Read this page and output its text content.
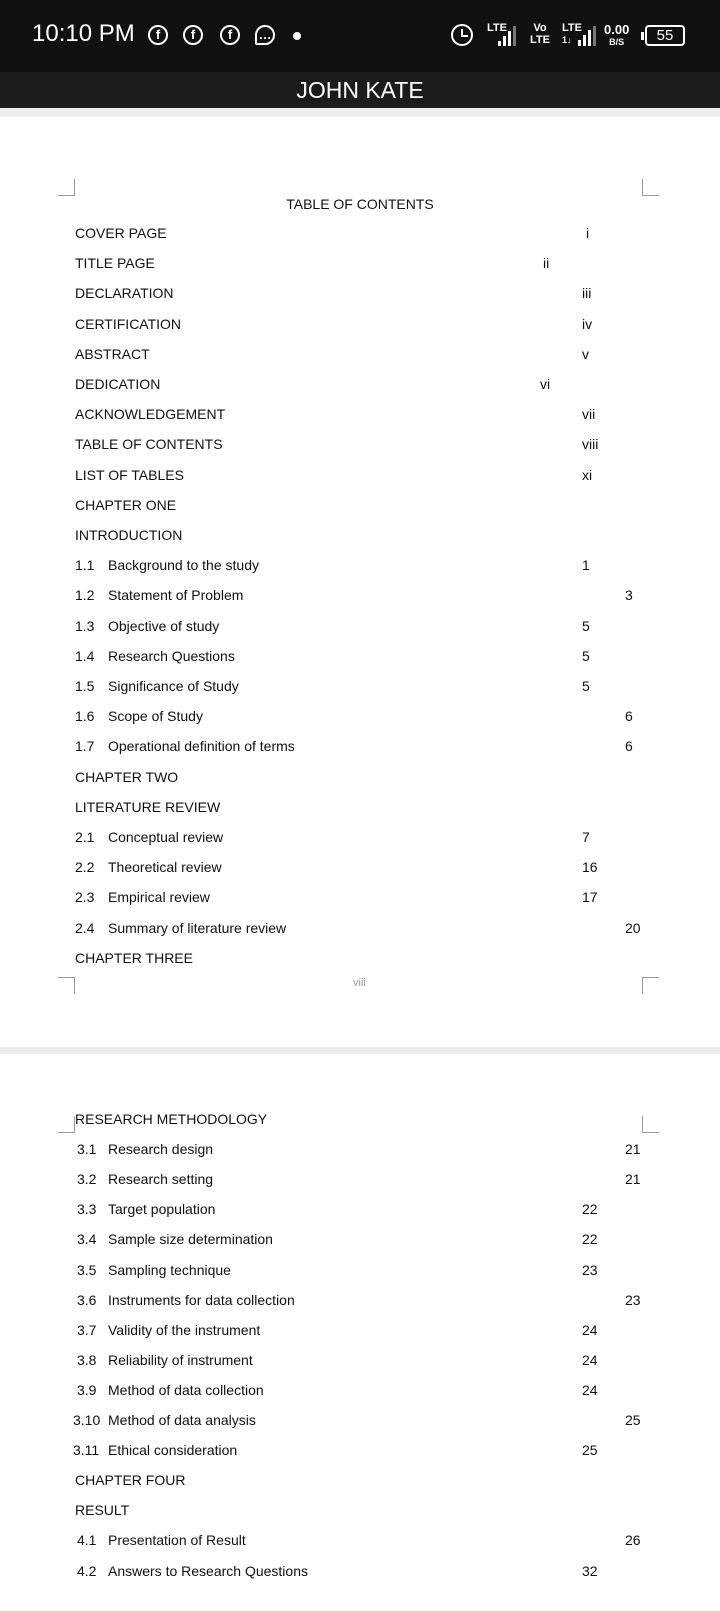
10:10 PM	f	f	f	…	LTE	Vo
LTE
LTE
1↓
0.00
B/S	55
JOHN KATE
TABLE OF CONTENTS
COVER PAGE	i
TITLE PAGE	ii
DECLARATION	iii
CERTIFICATION	iv
ABSTRACT	v
DEDICATION	vi
ACKNOWLEDGEMENT	vii
TABLE OF CONTENTS	viii
LIST OF TABLES	xi
CHAPTER ONE
INTRODUCTION
1.1 Background to the study	1
1.2 Statement of Problem	3
1.3 Objective of study	5
1.4 Research Questions	5
1.5 Significance of Study	5
1.6 Scope of Study	6
1.7 Operational definition of terms	6
CHAPTER TWO
LITERATURE REVIEW
2.1 Conceptual review	7
2.2 Theoretical review	16
2.3 Empirical review	17
2.4 Summary of literature review	20
CHAPTER THREE
viii
RESEARCH METHODOLOGY
3.1 Research design	21
3.2 Research setting	21
3.3 Target population	22
3.4 Sample size determination	22
3.5 Sampling technique	23
3.6 Instruments for data collection	23
3.7 Validity of the instrument	24
3.8 Reliability of instrument	24
3.9 Method of data collection	24
3.10 Method of data analysis	25
3.11 Ethical consideration	25
CHAPTER FOUR
RESULT
4.1 Presentation of Result	26
4.2 Answers to Research Questions	32
